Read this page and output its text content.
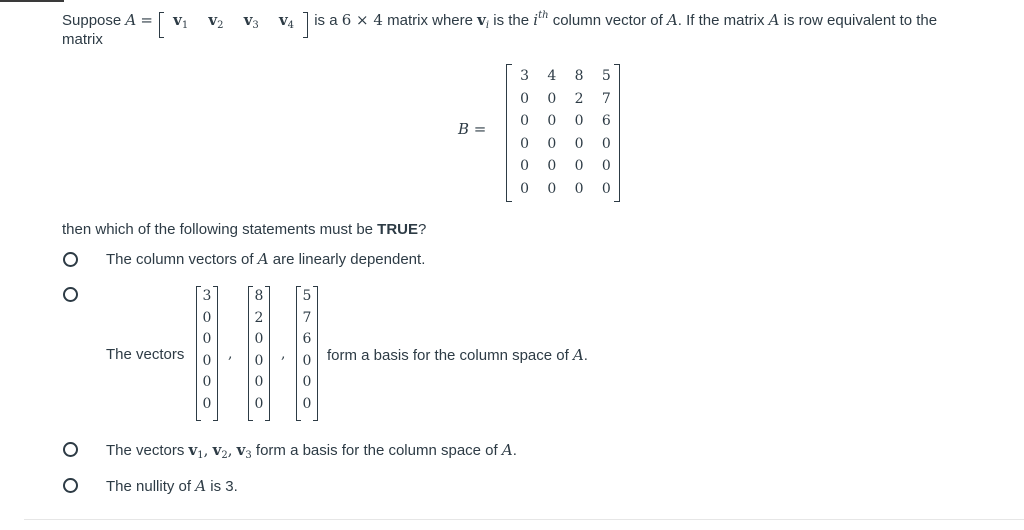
Suppose $A = v_1$ $v_2$ $v_3$ $v_4$ is a 6 × 4 matrix where $v_i$ is the $i^{th}$ column vector of A. If the matrix A is row equivalent to the
matrix
B =
3	4	8	5
0	0	2	7
0	0	0	6
0	0	0	0
0	0	0	0
0	0	0	0
then which of the following statements must be TRUE?
The column vectors of A are linearly dependent.
The vectors
3
0
0
0
0
0
,
8
2
0
0
0
0
,
5
7
6
0
0
0
form a basis for the column space of A.
The vectors $v_1$, $v_2$, $v_3$ form a basis for the column space of A.
The nullity of A is 3.
